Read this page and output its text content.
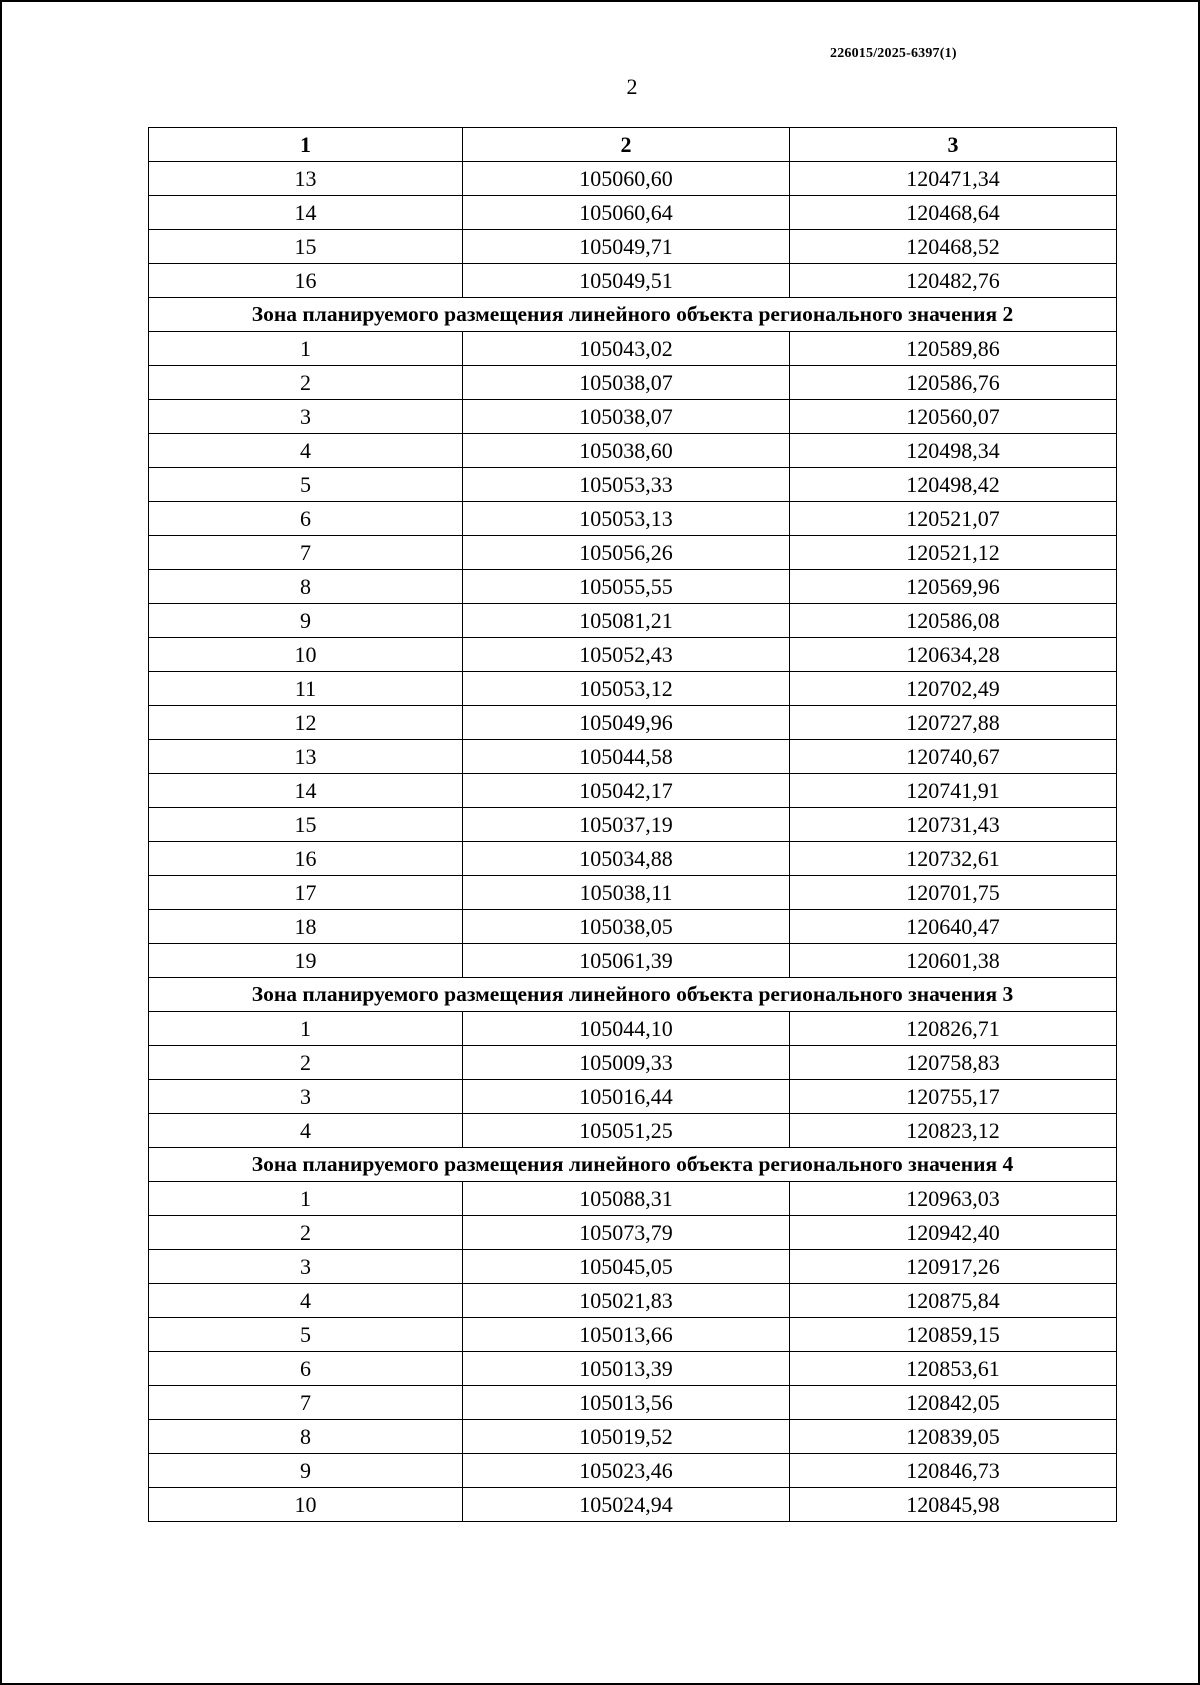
226015/2025-6397(1)
2
1	2	3
13	105060,60	120471,34
14	105060,64	120468,64
15	105049,71	120468,52
16	105049,51	120482,76
Зона планируемого размещения линейного объекта регионального значения 2		
1	105043,02	120589,86
2	105038,07	120586,76
3	105038,07	120560,07
4	105038,60	120498,34
5	105053,33	120498,42
6	105053,13	120521,07
7	105056,26	120521,12
8	105055,55	120569,96
9	105081,21	120586,08
10	105052,43	120634,28
11	105053,12	120702,49
12	105049,96	120727,88
13	105044,58	120740,67
14	105042,17	120741,91
15	105037,19	120731,43
16	105034,88	120732,61
17	105038,11	120701,75
18	105038,05	120640,47
19	105061,39	120601,38
Зона планируемого размещения линейного объекта регионального значения 3		
1	105044,10	120826,71
2	105009,33	120758,83
3	105016,44	120755,17
4	105051,25	120823,12
Зона планируемого размещения линейного объекта регионального значения 4		
1	105088,31	120963,03
2	105073,79	120942,40
3	105045,05	120917,26
4	105021,83	120875,84
5	105013,66	120859,15
6	105013,39	120853,61
7	105013,56	120842,05
8	105019,52	120839,05
9	105023,46	120846,73
10	105024,94	120845,98
